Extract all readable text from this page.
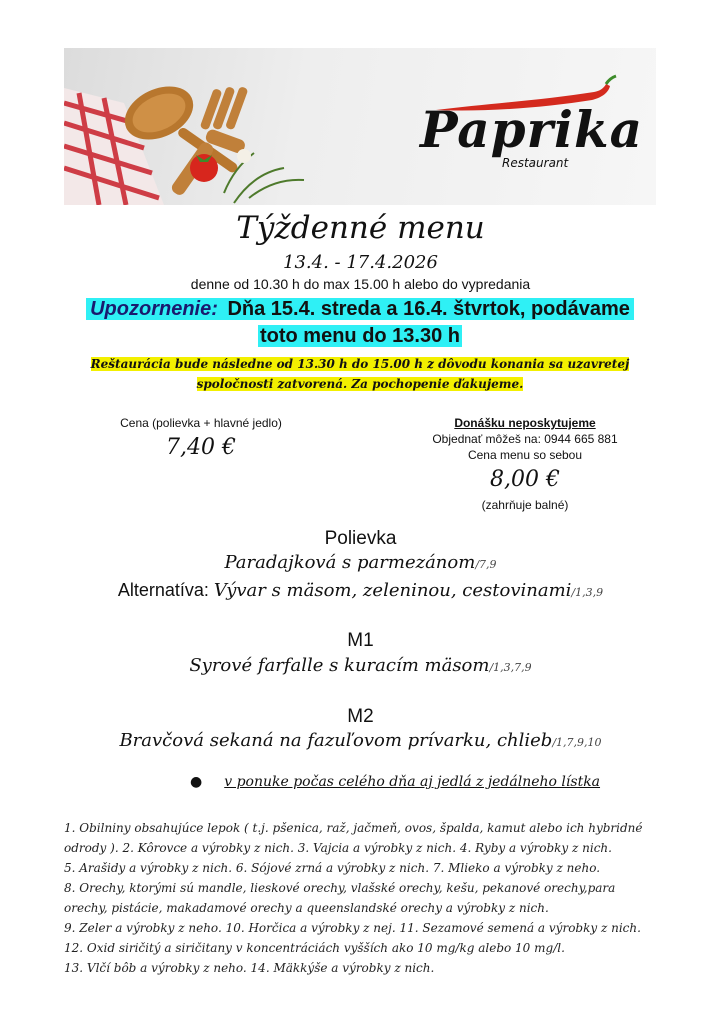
Paprika
Restaurant
Týždenné menu
13.4. - 17.4.2026
denne od 10.30 h do max 15.00 h alebo do vypredania
Upozornenie: Dňa 15.4. streda a 16.4. štvrtok, podávame
toto menu do 13.30 h
Reštaurácia bude následne od 13.30 h do 15.00 h z dôvodu konania sa uzavretej
spoločnosti zatvorená. Za pochopenie ďakujeme.
Cena (polievka + hlavné jedlo)
7,40 €
Donášku neposkytujeme
Objednať môžeš na: 0944 665 881
Cena menu so sebou
8,00 €
(zahrňuje balné)
Polievka
Paradajková s parmezánom/7,9
Alternatíva: Vývar s mäsom, zeleninou, cestovinami/1,3,9
M1
Syrové farfalle s kuracím mäsom/1,3,7,9
M2
Bravčová sekaná na fazuľovom prívarku, chlieb/1,7,9,10
● v ponuke počas celého dňa aj jedlá z jedálneho lístka
1. Obilniny obsahujúce lepok ( t.j. pšenica, raž, jačmeň, ovos, špalda, kamut alebo ich hybridné
odrody ). 2. Kôrovce a výrobky z nich. 3. Vajcia a výrobky z nich. 4. Ryby a výrobky z nich.
5. Arašidy a výrobky z nich. 6. Sójové zrná a výrobky z nich. 7. Mlieko a výrobky z neho.
8. Orechy, ktorými sú mandle, lieskové orechy, vlašské orechy, kešu, pekanové orechy,para
orechy, pistácie, makadamové orechy a queenslandské orechy a výrobky z nich.
9. Zeler a výrobky z neho. 10. Horčica a výrobky z nej. 11. Sezamové semená a výrobky z nich.
12. Oxid siričitý a siričitany v koncentráciách vyšších ako 10 mg/kg alebo 10 mg/l.
13. Vlčí bôb a výrobky z neho. 14. Mäkkýše a výrobky z nich.
